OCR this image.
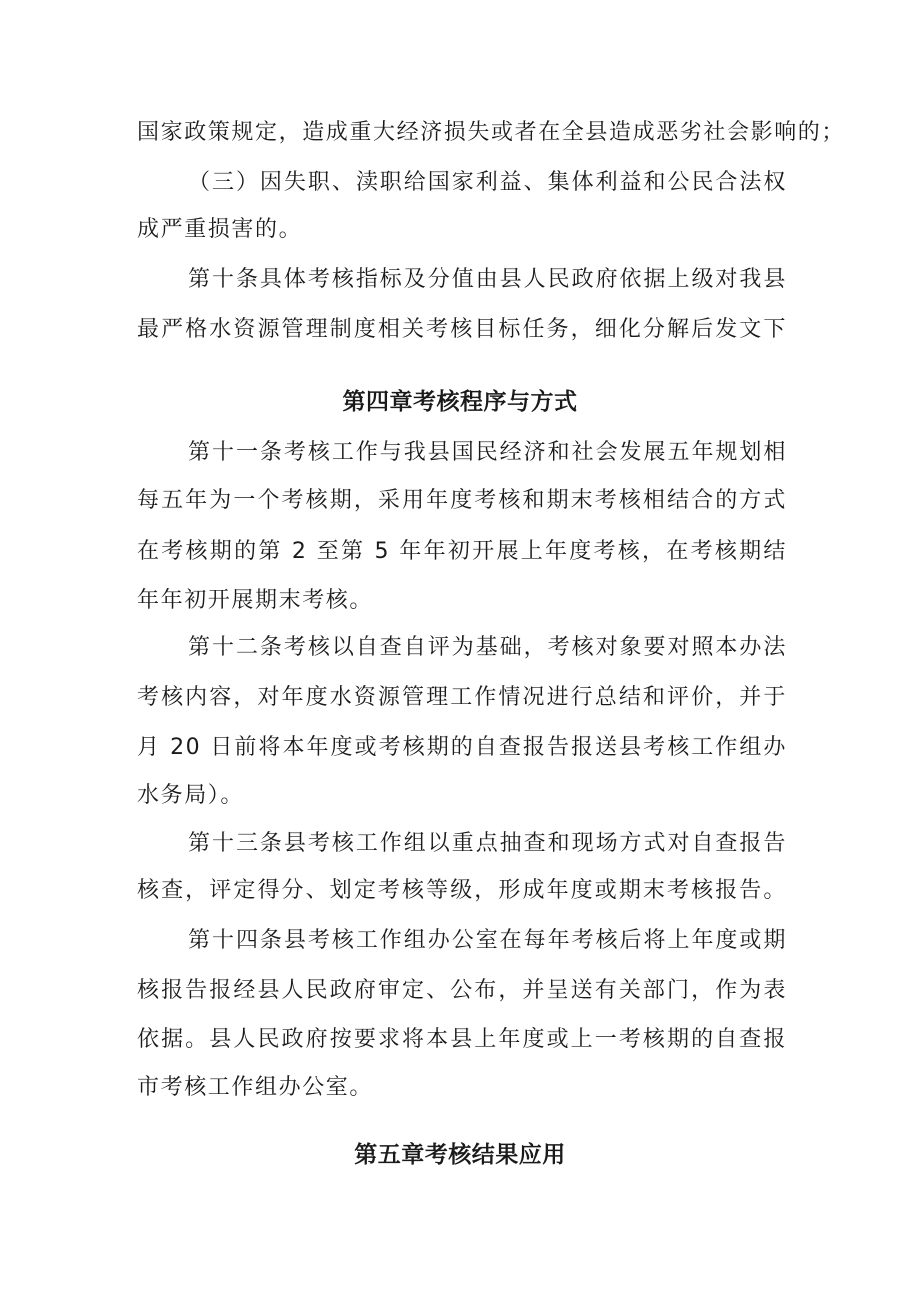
国家政策规定，造成重大经济损失或者在全县造成恶劣社会影响的；
（三）因失职、渎职给国家利益、集体利益和公民合法权
成严重损害的。
第十条具体考核指标及分值由县人民政府依据上级对我县
最严格水资源管理制度相关考核目标任务，细化分解后发文下
第四章考核程序与方式
第十一条考核工作与我县国民经济和社会发展五年规划相
每五年为一个考核期，采用年度考核和期末考核相结合的方式
在考核期的第 2 至第 5 年年初开展上年度考核，在考核期结
年年初开展期末考核。
第十二条考核以自查自评为基础，考核对象要对照本办法
考核内容，对年度水资源管理工作情况进行总结和评价，并于
月 20 日前将本年度或考核期的自查报告报送县考核工作组办
水务局）。
第十三条县考核工作组以重点抽查和现场方式对自查报告
核查，评定得分、划定考核等级，形成年度或期末考核报告。
第十四条县考核工作组办公室在每年考核后将上年度或期
核报告报经县人民政府审定、公布，并呈送有关部门，作为表
依据。县人民政府按要求将本县上年度或上一考核期的自查报
市考核工作组办公室。
第五章考核结果应用
